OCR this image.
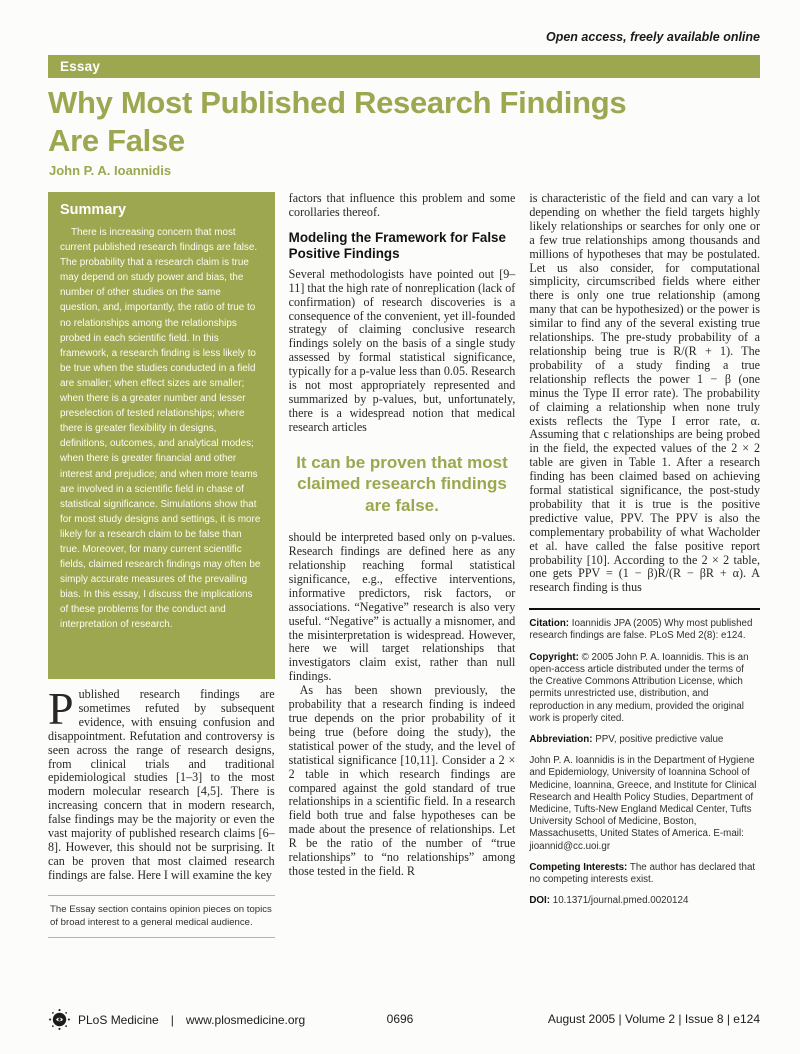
Open access, freely available online
Essay
Why Most Published Research Findings
Are False
John P. A. Ioannidis
Summary

There is increasing concern that most current published research findings are false. The probability that a research claim is true may depend on study power and bias, the number of other studies on the same question, and, importantly, the ratio of true to no relationships among the relationships probed in each scientific field. In this framework, a research finding is less likely to be true when the studies conducted in a field are smaller; when effect sizes are smaller; when there is a greater number and lesser preselection of tested relationships; where there is greater flexibility in designs, definitions, outcomes, and analytical modes; when there is greater financial and other interest and prejudice; and when more teams are involved in a scientific field in chase of statistical significance. Simulations show that for most study designs and settings, it is more likely for a research claim to be false than true. Moreover, for many current scientific fields, claimed research findings may often be simply accurate measures of the prevailing bias. In this essay, I discuss the implications of these problems for the conduct and interpretation of research.

Published research findings are sometimes refuted by subsequent evidence, with ensuing confusion and disappointment. Refutation and controversy is seen across the range of research designs, from clinical trials and traditional epidemiological studies [1–3] to the most modern molecular research [4,5]. There is increasing concern that in modern research, false findings may be the majority or even the vast majority of published research claims [6–8]. However, this should not be surprising. It can be proven that most claimed research findings are false. Here I will examine the key

The Essay section contains opinion pieces on topics of broad interest to a general medical audience.

factors that influence this problem and some corollaries thereof.

Modeling the Framework for False Positive Findings

Several methodologists have pointed out [9–11] that the high rate of nonreplication (lack of confirmation) of research discoveries is a consequence of the convenient, yet ill-founded strategy of claiming conclusive research findings solely on the basis of a single study assessed by formal statistical significance, typically for a p-value less than 0.05. Research is not most appropriately represented and summarized by p-values, but, unfortunately, there is a widespread notion that medical research articles

It can be proven that most claimed research findings are false.

should be interpreted based only on p-values. Research findings are defined here as any relationship reaching formal statistical significance, e.g., effective interventions, informative predictors, risk factors, or associations. “Negative” research is also very useful. “Negative” is actually a misnomer, and the misinterpretation is widespread. However, here we will target relationships that investigators claim exist, rather than null findings.

As has been shown previously, the probability that a research finding is indeed true depends on the prior probability of it being true (before doing the study), the statistical power of the study, and the level of statistical significance [10,11]. Consider a 2 × 2 table in which research findings are compared against the gold standard of true relationships in a scientific field. In a research field both true and false hypotheses can be made about the presence of relationships. Let R be the ratio of the number of “true relationships” to “no relationships” among those tested in the field. R

is characteristic of the field and can vary a lot depending on whether the field targets highly likely relationships or searches for only one or a few true relationships among thousands and millions of hypotheses that may be postulated. Let us also consider, for computational simplicity, circumscribed fields where either there is only one true relationship (among many that can be hypothesized) or the power is similar to find any of the several existing true relationships. The pre-study probability of a relationship being true is R/(R + 1). The probability of a study finding a true relationship reflects the power 1 − β (one minus the Type II error rate). The probability of claiming a relationship when none truly exists reflects the Type I error rate, α. Assuming that c relationships are being probed in the field, the expected values of the 2 × 2 table are given in Table 1. After a research finding has been claimed based on achieving formal statistical significance, the post-study probability that it is true is the positive predictive value, PPV. The PPV is also the complementary probability of what Wacholder et al. have called the false positive report probability [10]. According to the 2 × 2 table, one gets PPV = (1 − β)R/(R − βR + α). A research finding is thus

Citation: Ioannidis JPA (2005) Why most published research findings are false. PLoS Med 2(8): e124.

Copyright: © 2005 John P. A. Ioannidis. This is an open-access article distributed under the terms of the Creative Commons Attribution License, which permits unrestricted use, distribution, and reproduction in any medium, provided the original work is properly cited.

Abbreviation: PPV, positive predictive value

John P. A. Ioannidis is in the Department of Hygiene and Epidemiology, University of Ioannina School of Medicine, Ioannina, Greece, and Institute for Clinical Research and Health Policy Studies, Department of Medicine, Tufts-New England Medical Center, Tufts University School of Medicine, Boston, Massachusetts, United States of America. E-mail: jioannid@cc.uoi.gr

Competing Interests: The author has declared that no competing interests exist.

DOI: 10.1371/journal.pmed.0020124

0696
PLoS Medicine	|	www.plosmedicine.org	August 2005 | Volume 2 | Issue 8 | e124
